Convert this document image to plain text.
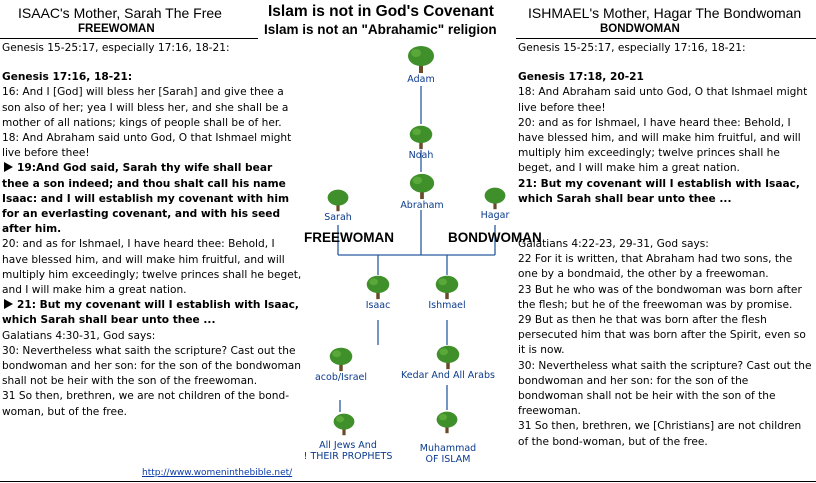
ISAAC's Mother, Sarah The Free
FREEWOMAN
Islam is not in God's Covenant
Islam is not an "Abrahamic" religion
ISHMAEL's Mother, Hagar The Bondwoman
BONDWOMAN

Genesis 15-25:17, especially 17:16, 18-21:

Genesis 17:16, 18-21:

16: And I [God] will bless her [Sarah] and give thee a son also of her; yea I will bless her, and she shall be a mother of all nations; kings of people shall be of her.

18: And Abraham said unto God, O that Ishmael might live before thee!

19:And God said, Sarah thy wife shall bear thee a son indeed; and thou shalt call his name Isaac: and I will establish my covenant with him for an everlasting covenant, and with his seed after him.

20: and as for Ishmael, I have heard thee: Behold, I have blessed him, and will make him fruitful, and will multiply him exceedingly; twelve princes shall he beget, and I will make him a great nation.

21: But my covenant will I establish with Isaac, which Sarah shall bear unto thee ...

Galatians 4:30-31, God says:

30: Nevertheless what saith the scripture? Cast out the bondwoman and her son: for the son of the bondwoman shall not be heir with the son of the freewoman.

31 So then, brethren, we are not children of the bond-woman, but of the free.

Genesis 15-25:17, especially 17:16, 18-21:

Genesis 17:18, 20-21

18: And Abraham said unto God, O that Ishmael might live before thee!

20: and as for Ishmael, I have heard thee: Behold, I have blessed him, and will make him fruitful, and will multiply him exceedingly; twelve princes shall he beget, and I will make him a great nation.

21: But my covenant will I establish with Isaac, which Sarah shall bear unto thee ...

Galatians 4:22-23, 29-31, God says:

22 For it is written, that Abraham had two sons, the one by a bondmaid, the other by a freewoman.

23 But he who was of the bondwoman was born after the flesh; but he of the freewoman was by promise.

29 But as then he that was born after the flesh persecuted him that was born after the Spirit, even so it is now.

30: Nevertheless what saith the scripture? Cast out the bondwoman and her son: for the son of the bondwoman shall not be heir with the son of the freewoman.

31 So then, brethren, we [Christians] are not children of the bond-woman, but of the free.

Adam
Noah
Abraham
Sarah	Hagar
FREEWOMAN	BONDWOMAN
Isaac	Ishmael
acob/Israel	Kedar And All Arabs
All Jews And
! THEIR PROPHETS
Muhammad
OF ISLAM
http://www.womeninthebible.net/
